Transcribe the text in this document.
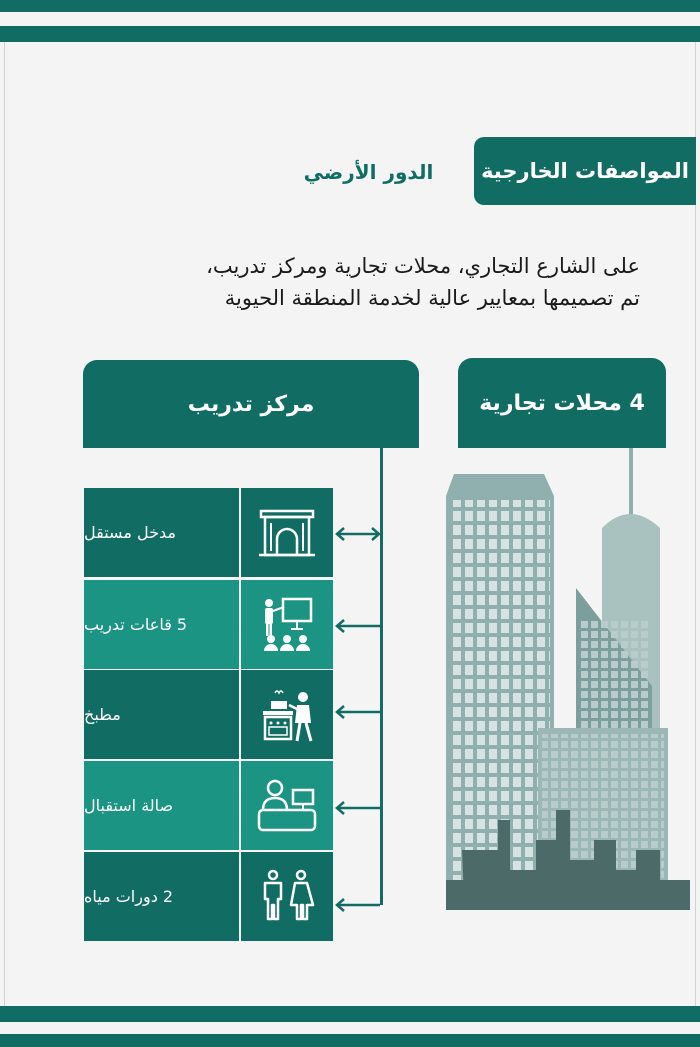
المواصفات الخارجية
الدور الأرضي
على الشارع التجاري، محلات تجارية ومركز تدريب،
تم تصميمها بمعايير عالية لخدمة المنطقة الحيوية
مركز تدريب	4 محلات تجارية
مدخل مستقل
5 قاعات تدريب
مطبخ
صالة استقبال
2 دورات مياه
